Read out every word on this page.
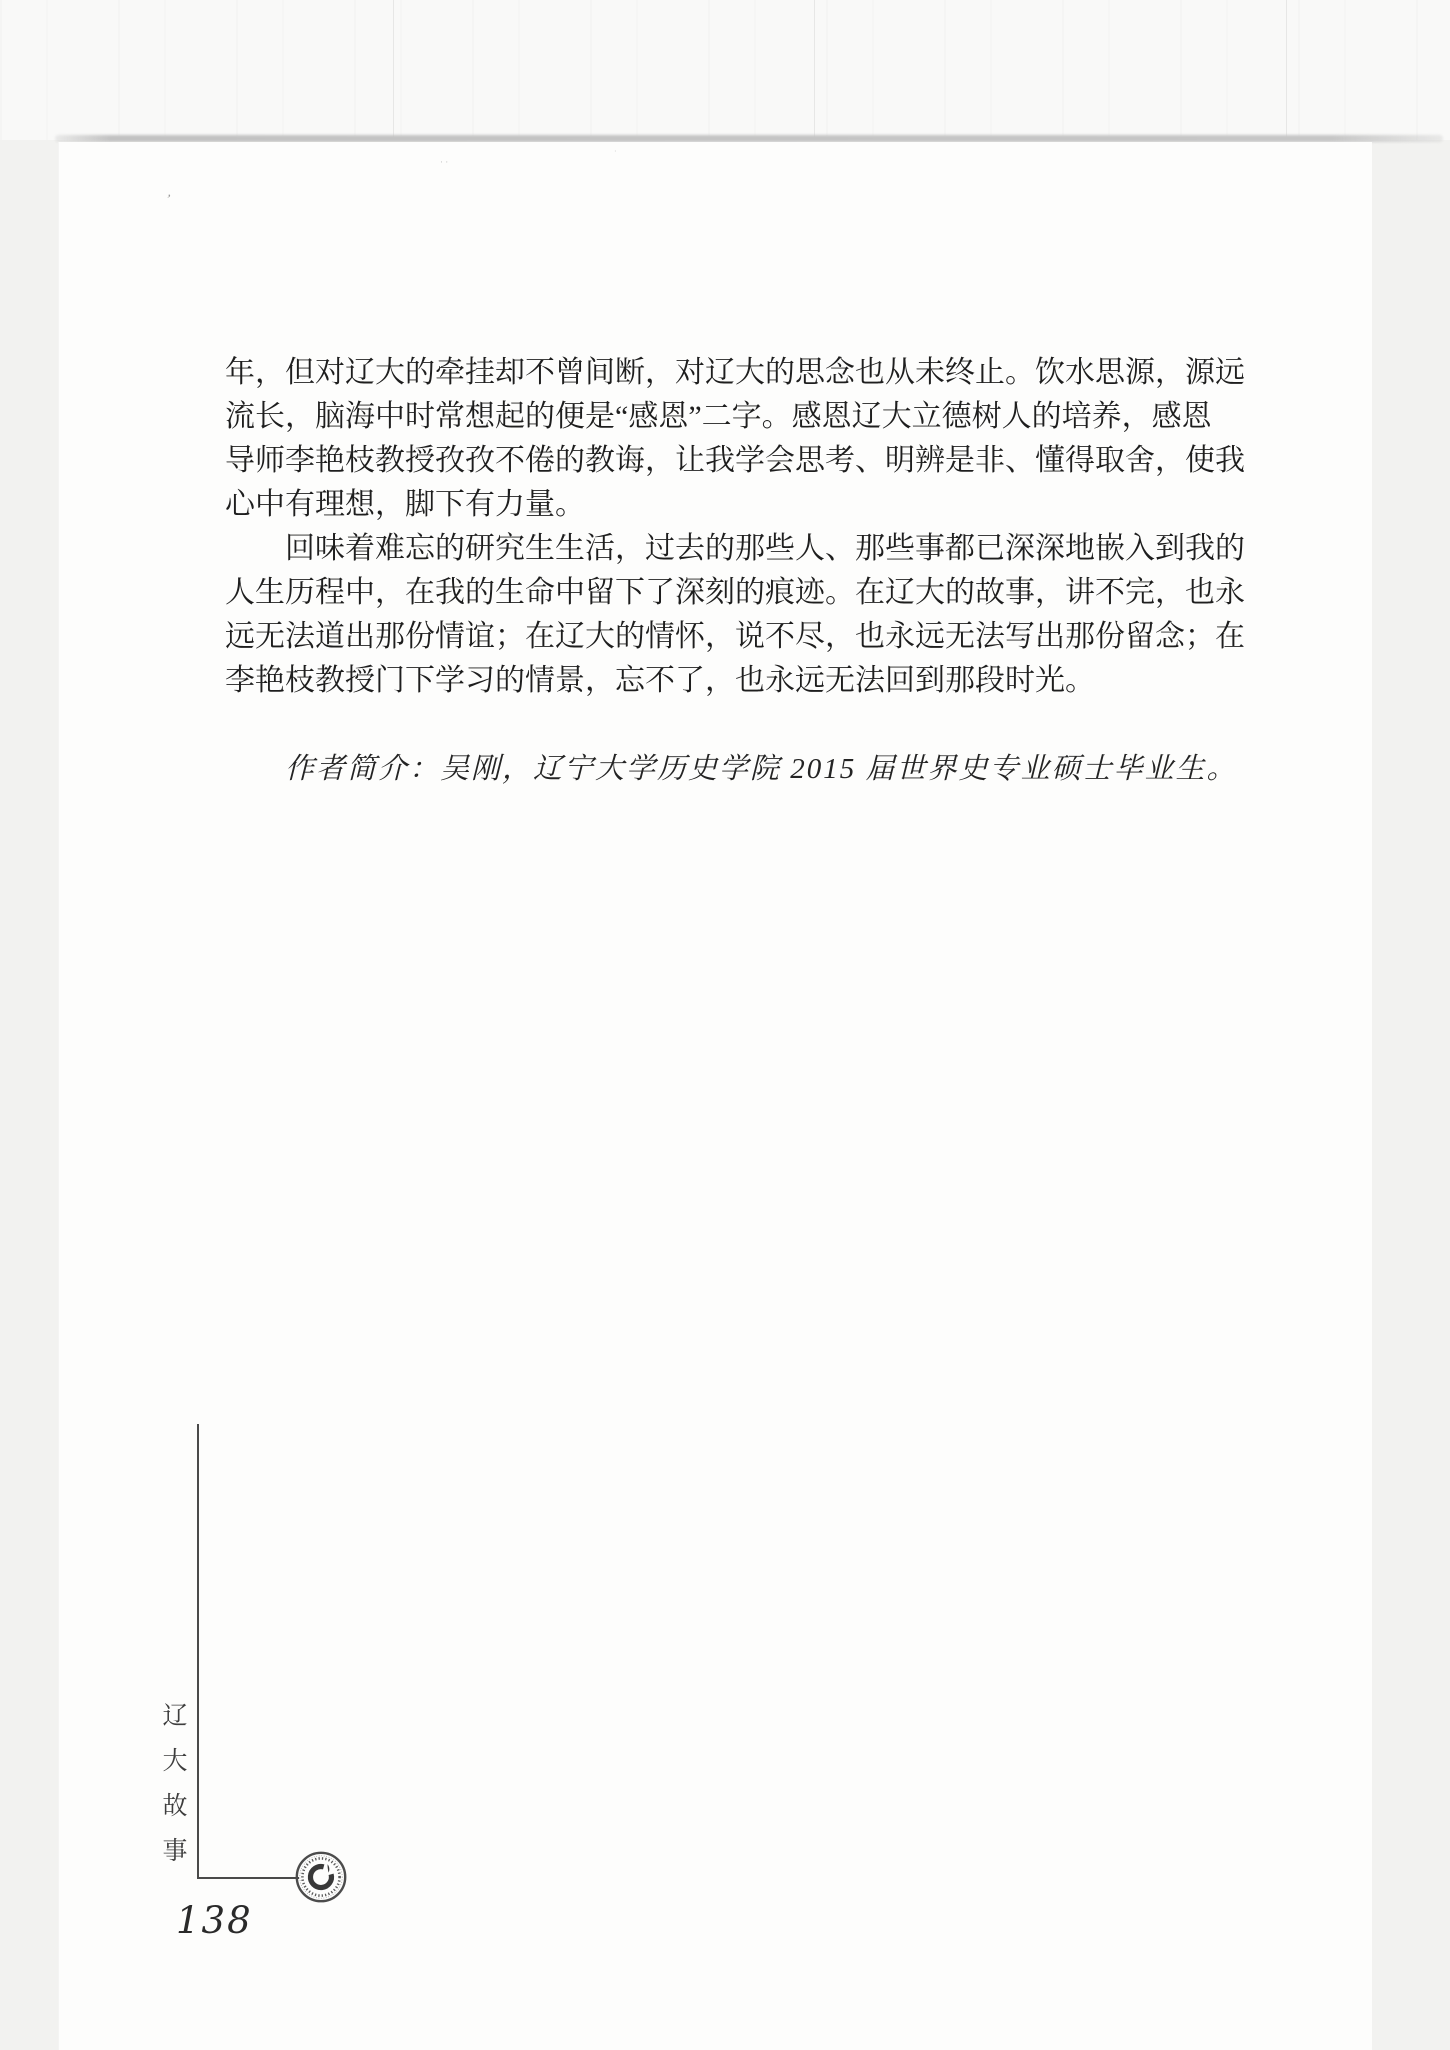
’
· ·
·
年，但对辽大的牵挂却不曾间断，对辽大的思念也从未终止。饮水思源，源远
流长，脑海中时常想起的便是“感恩”二字。感恩辽大立德树人的培养，感恩
导师李艳枝教授孜孜不倦的教诲，让我学会思考、明辨是非、懂得取舍，使我
心中有理想，脚下有力量。
回味着难忘的研究生生活，过去的那些人、那些事都已深深地嵌入到我的
人生历程中，在我的生命中留下了深刻的痕迹。在辽大的故事，讲不完，也永
远无法道出那份情谊；在辽大的情怀，说不尽，也永远无法写出那份留念；在
李艳枝教授门下学习的情景，忘不了，也永远无法回到那段时光。
作者简介：吴刚，辽宁大学历史学院 2015 届世界史专业硕士毕业生。
辽
大
故
事
138
